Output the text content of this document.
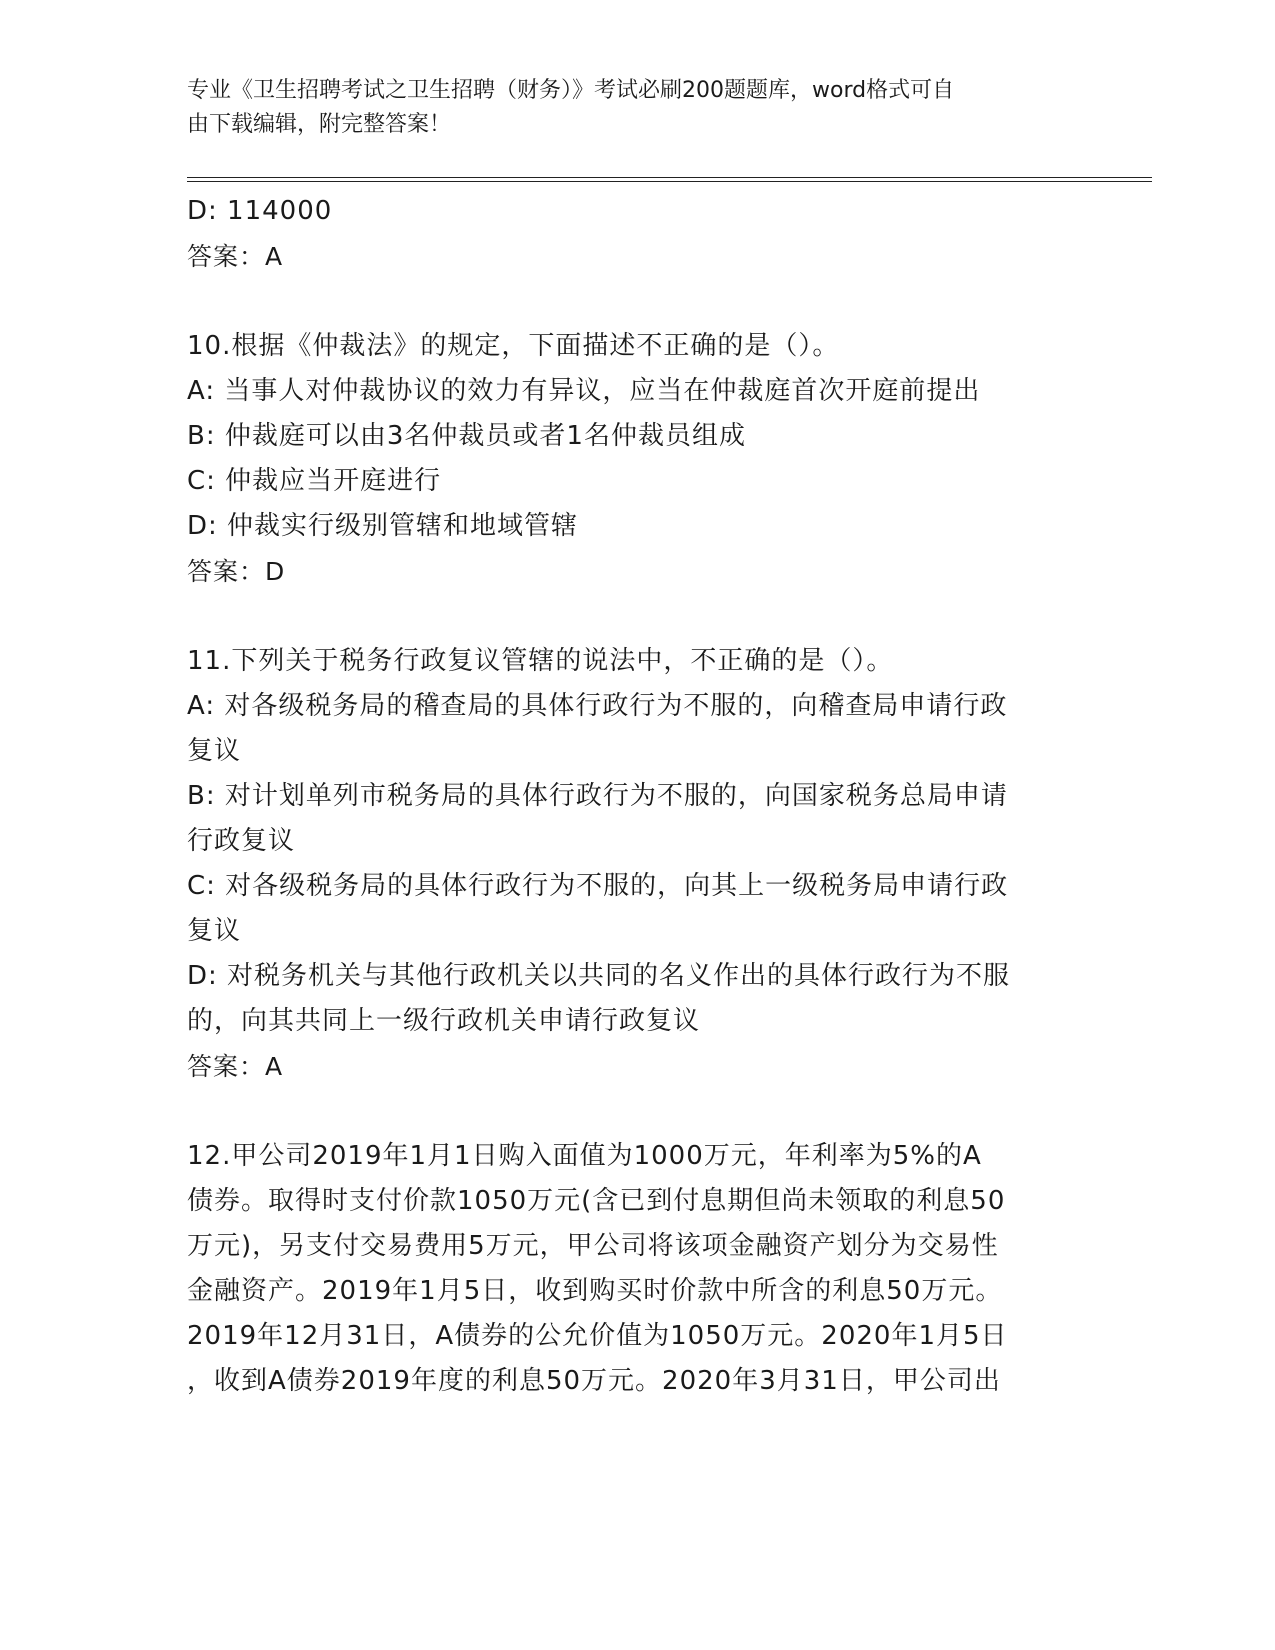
专业《卫生招聘考试之卫生招聘（财务）》考试必刷200题题库，word格式可自
由下载编辑，附完整答案！
D: 114000
答案：A
10.根据《仲裁法》的规定，下面描述不正确的是（）。
A: 当事人对仲裁协议的效力有异议，应当在仲裁庭首次开庭前提出
B: 仲裁庭可以由3名仲裁员或者1名仲裁员组成
C: 仲裁应当开庭进行
D: 仲裁实行级别管辖和地域管辖
答案：D
11.下列关于税务行政复议管辖的说法中，不正确的是（）。
A: 对各级税务局的稽查局的具体行政行为不服的，向稽查局申请行政
复议
B: 对计划单列市税务局的具体行政行为不服的，向国家税务总局申请
行政复议
C: 对各级税务局的具体行政行为不服的，向其上一级税务局申请行政
复议
D: 对税务机关与其他行政机关以共同的名义作出的具体行政行为不服
的，向其共同上一级行政机关申请行政复议
答案：A
12.甲公司2019年1月1日购入面值为1000万元，年利率为5%的A
债券。取得时支付价款1050万元(含已到付息期但尚未领取的利息50
万元)，另支付交易费用5万元，甲公司将该项金融资产划分为交易性
金融资产。2019年1月5日，收到购买时价款中所含的利息50万元。
2019年12月31日，A债券的公允价值为1050万元。2020年1月5日
，收到A债券2019年度的利息50万元。2020年3月31日，甲公司出
